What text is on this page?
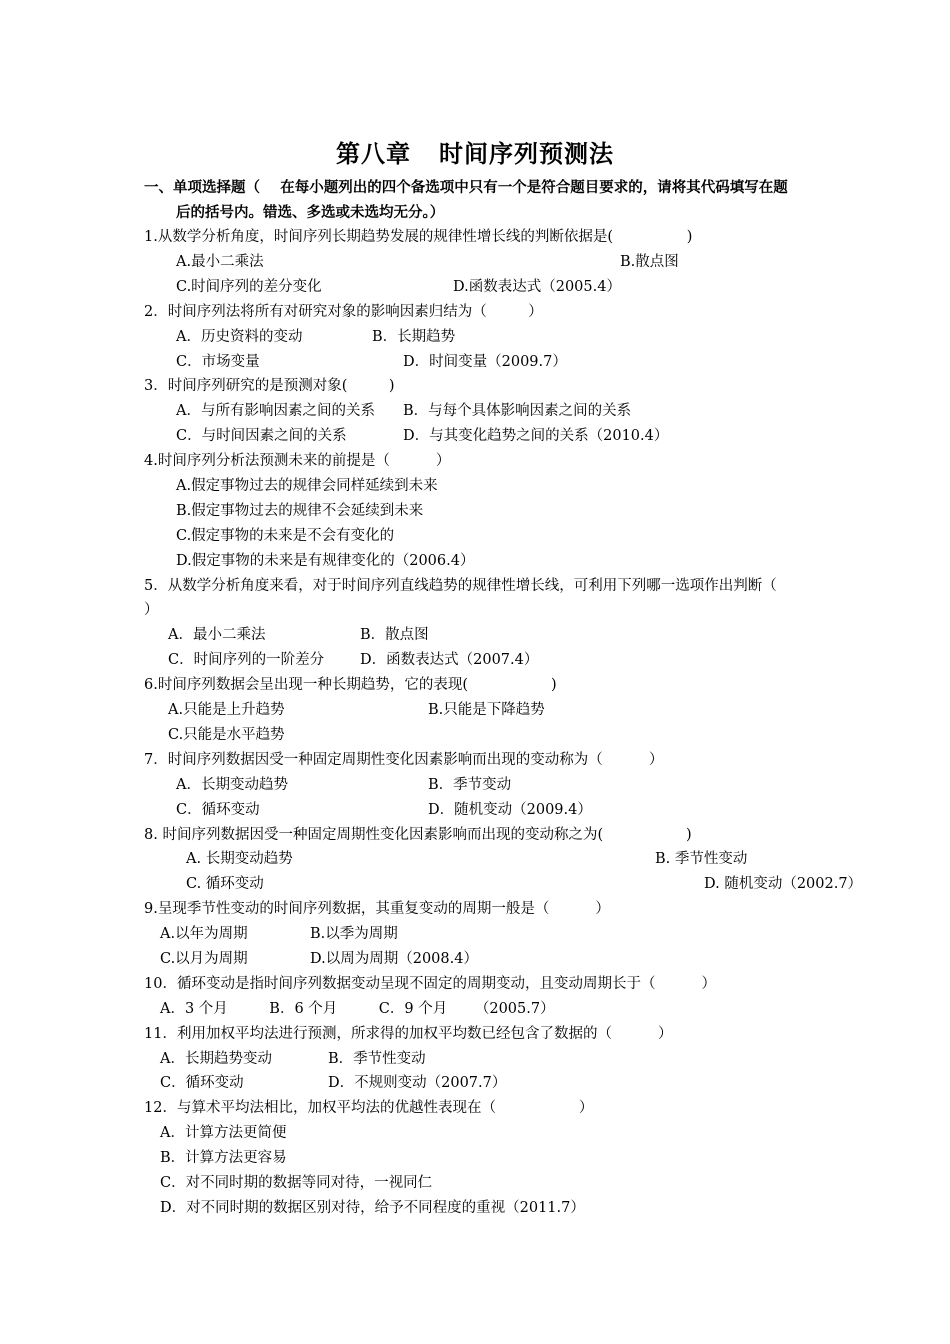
第八章   时间序列预测法
一、单项选择题（    在每小题列出的四个备选项中只有一个是符合题目要求的，请将其代码填写在题
后的括号内。错选、多选或未选均无分。）
1.从数学分析角度，时间序列长期趋势发展的规律性增长线的判断依据是(                )
A.最小二乘法	B.散点图
C.时间序列的差分变化	D.函数表达式（2005.4）
2．时间序列法将所有对研究对象的影响因素归结为（         ）
A．历史资料的变动	B．长期趋势
C．市场变量	D．时间变量（2009.7）
3．时间序列研究的是预测对象(         )
A．与所有影响因素之间的关系 B．与每个具体影响因素之间的关系
C．与时间因素之间的关系	D．与其变化趋势之间的关系（2010.4）
4.时间序列分析法预测未来的前提是（          ）
A.假定事物过去的规律会同样延续到未来
B.假定事物过去的规律不会延续到未来
C.假定事物的未来是不会有变化的
D.假定事物的未来是有规律变化的（2006.4）
5．从数学分析角度来看，对于时间序列直线趋势的规律性增长线，可利用下列哪一选项作出判断（
）
A．最小二乘法	B．散点图
C．时间序列的一阶差分 D．函数表达式（2007.4）
6.时间序列数据会呈出现一种长期趋势，它的表现(                  )
A.只能是上升趋势	B.只能是下降趋势
C.只能是水平趋势
7．时间序列数据因受一种固定周期性变化因素影响而出现的变动称为（          ）
A．长期变动趋势	B．季节变动
C．循环变动	D．随机变动（2009.4）
8. 时间序列数据因受一种固定周期性变化因素影响而出现的变动称之为(                  )
A. 长期变动趋势	B. 季节性变动
C. 循环变动	D. 随机变动（2002.7）
9.呈现季节性变动的时间序列数据，其重复变动的周期一般是（          ）
A.以年为周期	B.以季为周期
C.以月为周期	D.以周为周期（2008.4）
10．循环变动是指时间序列数据变动呈现不固定的周期变动，且变动周期长于（          ）
A．3 个月         B．6 个月         C．9 个月      （2005.7）
11．利用加权平均法进行预测，所求得的加权平均数已经包含了数据的（          ）
A．长期趋势变动	B．季节性变动
C．循环变动	D．不规则变动（2007.7）
12．与算术平均法相比，加权平均法的优越性表现在（                  ）
A．计算方法更简便
B．计算方法更容易
C．对不同时期的数据等同对待，一视同仁
D．对不同时期的数据区别对待，给予不同程度的重视（2011.7）
